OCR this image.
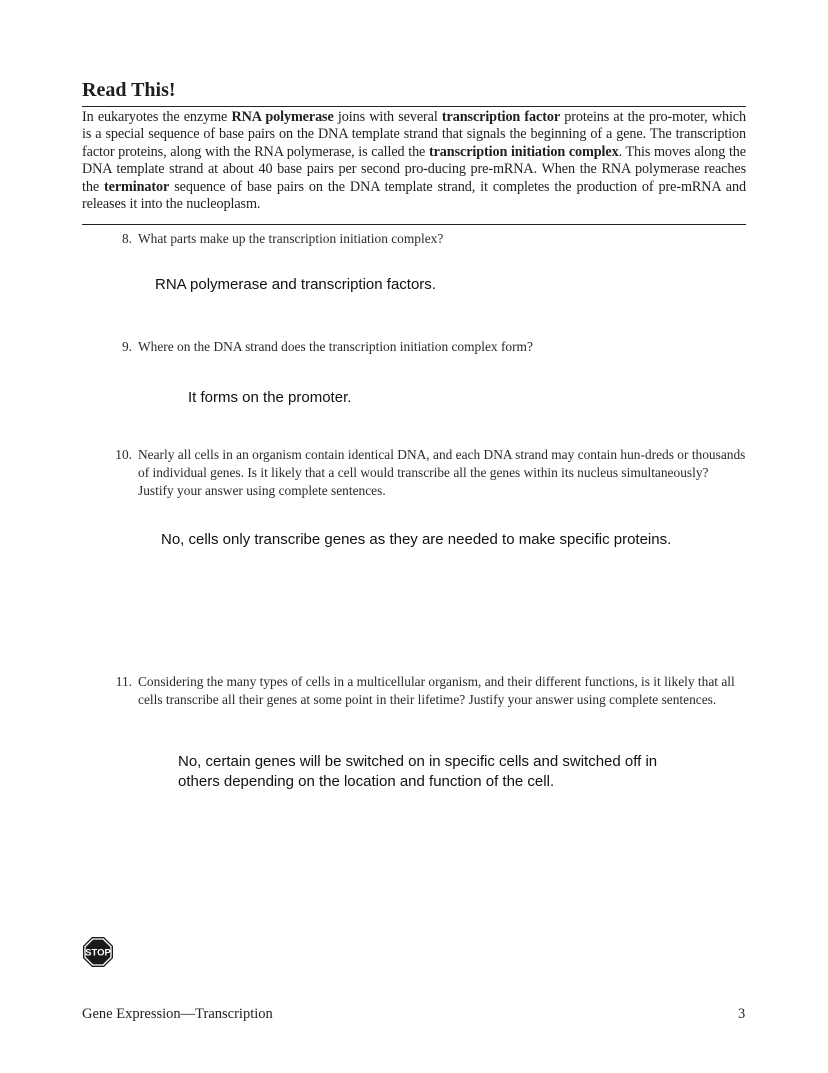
Read This!

In eukaryotes the enzyme RNA polymerase joins with several transcription factor proteins at the pro-moter, which is a special sequence of base pairs on the DNA template strand that signals the beginning of a gene. The transcription factor proteins, along with the RNA polymerase, is called the transcription initiation complex. This moves along the DNA template strand at about 40 base pairs per second pro-ducing pre-mRNA. When the RNA polymerase reaches the terminator sequence of base pairs on the DNA template strand, it completes the production of pre-mRNA and releases it into the nucleoplasm.

8. What parts make up the transcription initiation complex?
RNA polymerase and transcription factors.
9. Where on the DNA strand does the transcription initiation complex form?
It forms on the promoter.
10. Nearly all cells in an organism contain identical DNA, and each DNA strand may contain hun-dreds or thousands of individual genes. Is it likely that a cell would transcribe all the genes within its nucleus simultaneously? Justify your answer using complete sentences.
No, cells only transcribe genes as they are needed to make specific proteins.
11. Considering the many types of cells in a multicellular organism, and their different functions, is it likely that all cells transcribe all their genes at some point in their lifetime? Justify your answer using complete sentences.
No, certain genes will be switched on in specific cells and switched off in others depending on the location and function of the cell.
STOP
Gene Expression—Transcription	3
